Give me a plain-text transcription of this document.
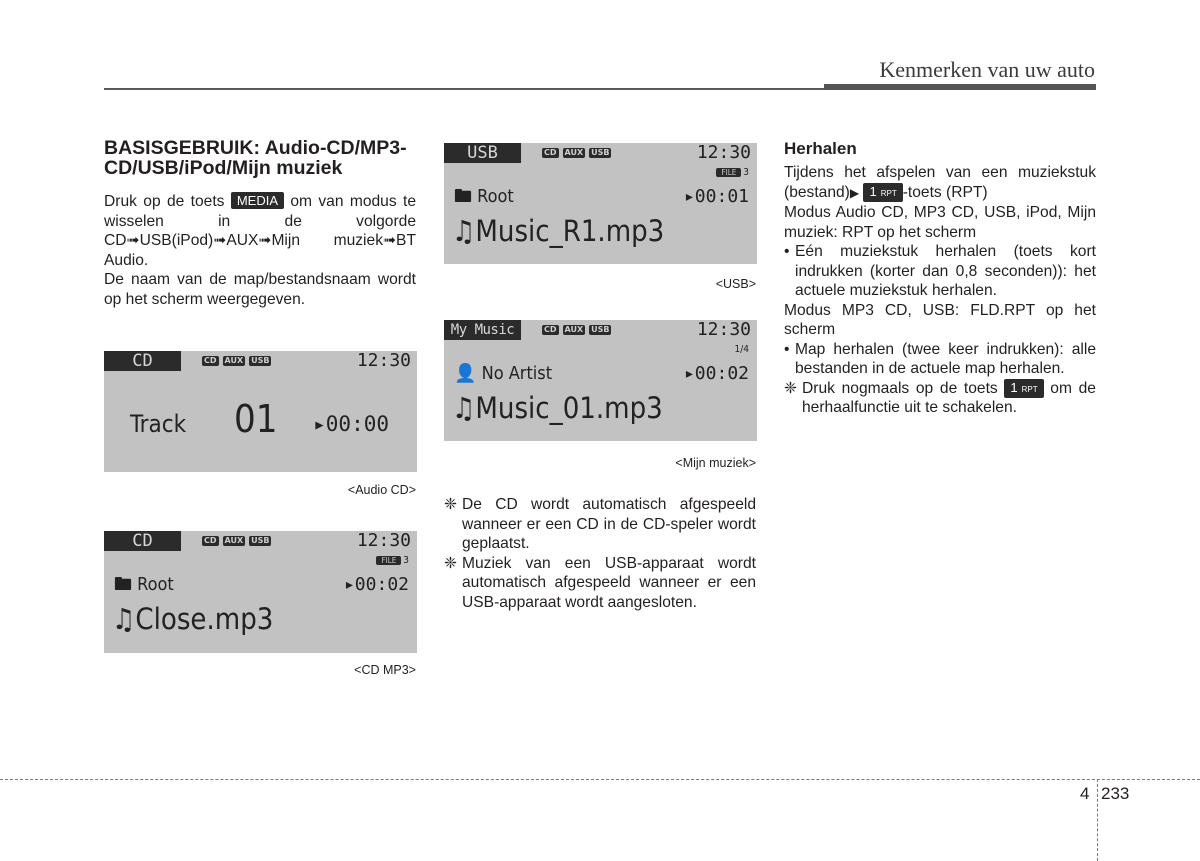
Kenmerken van uw auto
BASISGEBRUIK: Audio-CD/MP3-CD/USB/iPod/Mijn muziek

Druk op de toets MEDIA om van modus te wisselen in de volgorde CD➟USB(iPod)➟AUX➟Mijn muziek➟BT Audio.

De naam van de map/bestandsnaam wordt op het scherm weergegeven.

CD	CD AUX USB	12:30
Track 01 ▸00:00
<Audio CD>
CD	CD AUX USB	12:30
FILE 3
🖿 Root	▸00:02
♫Close.mp3
<CD MP3>
USB	CD AUX USB	12:30
FILE 3
🖿 Root	▸00:01
♫Music_R1.mp3
<USB>
My Music	CD AUX USB	12:30
1/4
👤 No Artist	▸00:02
♫Music_01.mp3
<Mijn muziek>
❈ De CD wordt automatisch afgespeeld wanneer er een CD in de CD-speler wordt geplaatst.
❈ Muziek van een USB-apparaat wordt automatisch afgespeeld wanneer er een USB-apparaat wordt aangesloten.
Herhalen

Tijdens het afspelen van een muziekstuk (bestand)▶ 1 RPT -toets (RPT)

Modus Audio CD, MP3 CD, USB, iPod, Mijn muziek: RPT op het scherm

• Eén muziekstuk herhalen (toets kort indrukken (korter dan 0,8 seconden)): het actuele muziekstuk herhalen.

Modus MP3 CD, USB: FLD.RPT op het scherm

• Map herhalen (twee keer indrukken): alle bestanden in de actuele map herhalen.
❈ Druk nogmaals op de toets 1 RPT om de herhaalfunctie uit te schakelen.
4 233
